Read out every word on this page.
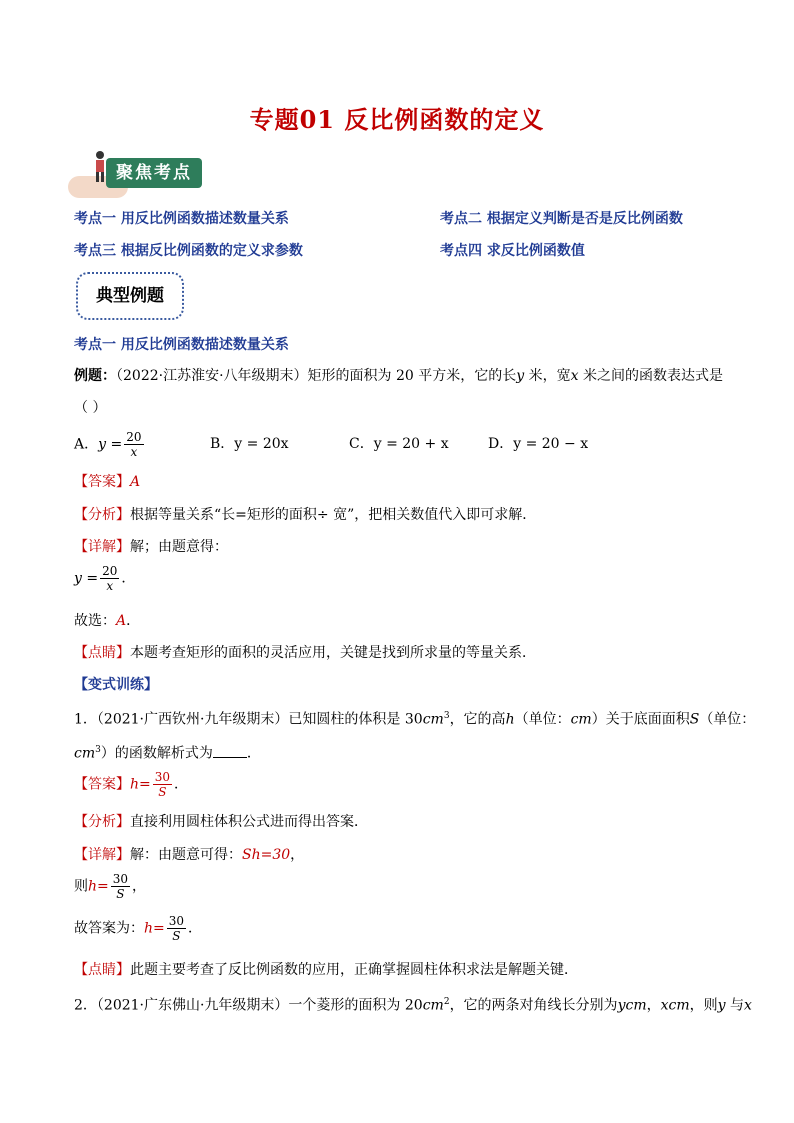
专题01 反比例函数的定义
聚焦考点
考点一 用反比例函数描述数量关系	考点二 根据定义判断是否是反比例函数
考点三 根据反比例函数的定义求参数	考点四 求反比例函数值
典型例题
考点一 用反比例函数描述数量关系
例题：（2022·江苏淮安·八年级期末）矩形的面积为 20 平方米，它的长y 米，宽x 米之间的函数表达式是
（ ）
A．$y = \frac{20}{x}$	B．y = 20x	C．y = 20 + x	D．y = 20 − x
【答案】A
【分析】根据等量关系“长=矩形的面积÷ 宽”，把相关数值代入即可求解．
【详解】解；由题意得：
$y = \frac{20}{x}$ ．
故选：A．
【点睛】本题考查矩形的面积的灵活应用，关键是找到所求量的等量关系．
【变式训练】
1．（2021·广西钦州·九年级期末）已知圆柱的体积是 $30cm^3$，它的高h（单位：cm）关于底面面积S（单位：
$cm^3$）的函数解析式为 ．
【答案】$h= \frac{30}{S}$ ．
【分析】直接利用圆柱体积公式进而得出答案．
【详解】解：由题意可得：Sh=30，
则$h= \frac{30}{S}$ ，
故答案为：$h= \frac{30}{S}$ ．
【点睛】此题主要考查了反比例函数的应用，正确掌握圆柱体积求法是解题关键．
2．（2021·广东佛山·九年级期末）一个菱形的面积为 $20cm^2$，它的两条对角线长分别为ycm，xcm，则y 与x
